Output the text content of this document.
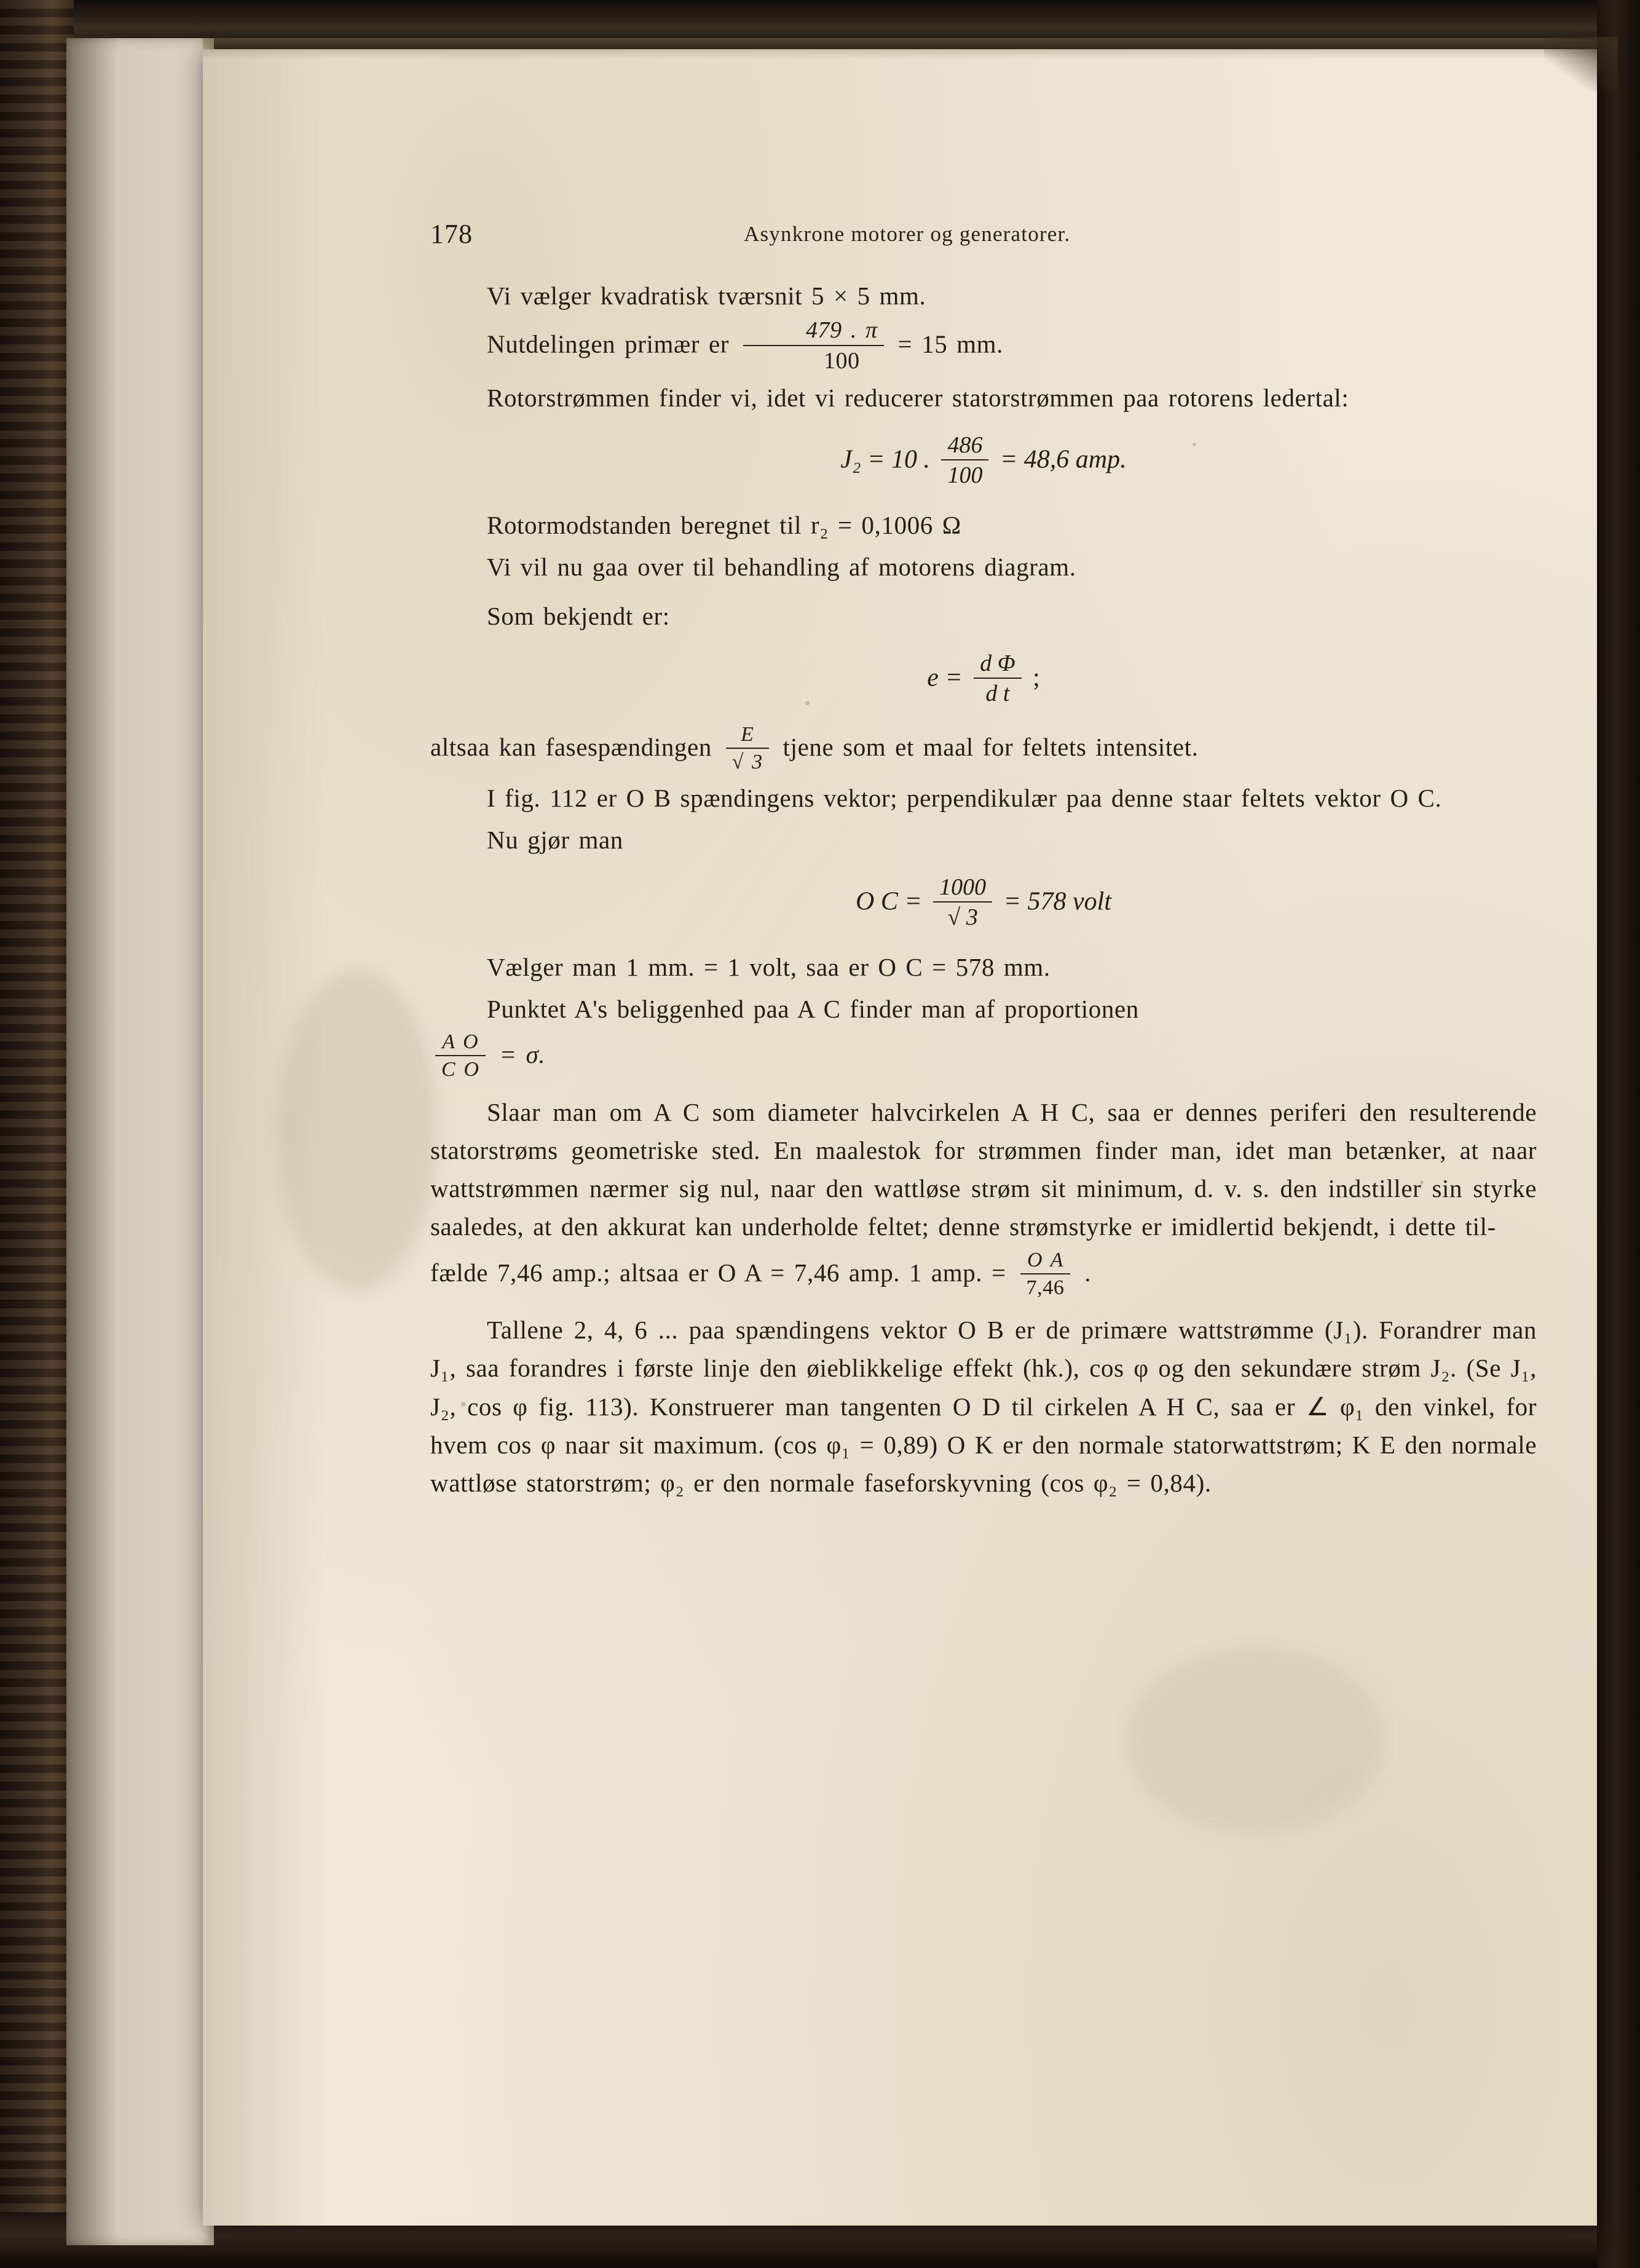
178	Asynkrone motorer og generatorer.

Vi vælger kvadratisk tværsnit 5 × 5 mm.

Nutdelingen primær er $\frac{479 . \pi}{100} = 15$ mm.

Rotorstrømmen finder vi, idet vi reducerer statorstrømmen paa rotorens ledertal:

J₂ = 10 . $\frac{486}{100} = 48,6$ amp.

Rotormodstanden beregnet til r₂ = 0,1006 Ω

Vi vil nu gaa over til behandling af motorens diagram.

Som bekjendt er:

$e = \frac{\text{d Φ}}{\text{d t}}$ ;

altsaa kan fasespændingen $\frac{E}{√ 3}$ tjene som et maal for feltets intensitet.

I fig. 112 er O B spændingens vektor; perpendikulær paa denne staar feltets vektor O C.

Nu gjør man

O $C = \frac{1000}{√ 3} = 578$ volt

Vælger man 1 mm. = 1 volt, saa er O C = 578 mm.

Punktet A's beliggenhed paa A C finder man af proportionen

$\frac{\text{A O}}{\text{C O}} = \sigma$.

Slaar man om A C som diameter halvcirkelen A H C, saa er dennes periferi den resulterende statorstrøms geometriske sted. En maalestok for strømmen finder man, idet man betænker, at naar wattstrømmen nærmer sig nul, naar den wattløse strøm sit minimum, d. v. s. den indstiller sin styrke saaledes, at den akkurat kan underholde feltet; denne strømstyrke er imidlertid bekjendt, i dette til-

fælde 7,46 amp.; altsaa er O A = 7,46 amp. 1 amp. = $\frac{\text{O A}}{7,46}$ .

Tallene 2, 4, 6 ... paa spændingens vektor O B er de primære wattstrømme (J₁). Forandrer man J₁, saa forandres i første linje den øieblikkelige effekt (hk.), cos φ og den sekundære strøm J₂. (Se J₁, J₂, cos φ fig. 113). Konstruerer man tangenten O D til cirkelen A H C, saa er ∠ φ₁ den vinkel, for hvem cos φ naar sit maximum. (cos φ₁ = 0,89) O K er den normale statorwattstrøm; K E den normale wattløse statorstrøm; φ₂ er den normale faseforskyvning (cos φ₂ = 0,84).
